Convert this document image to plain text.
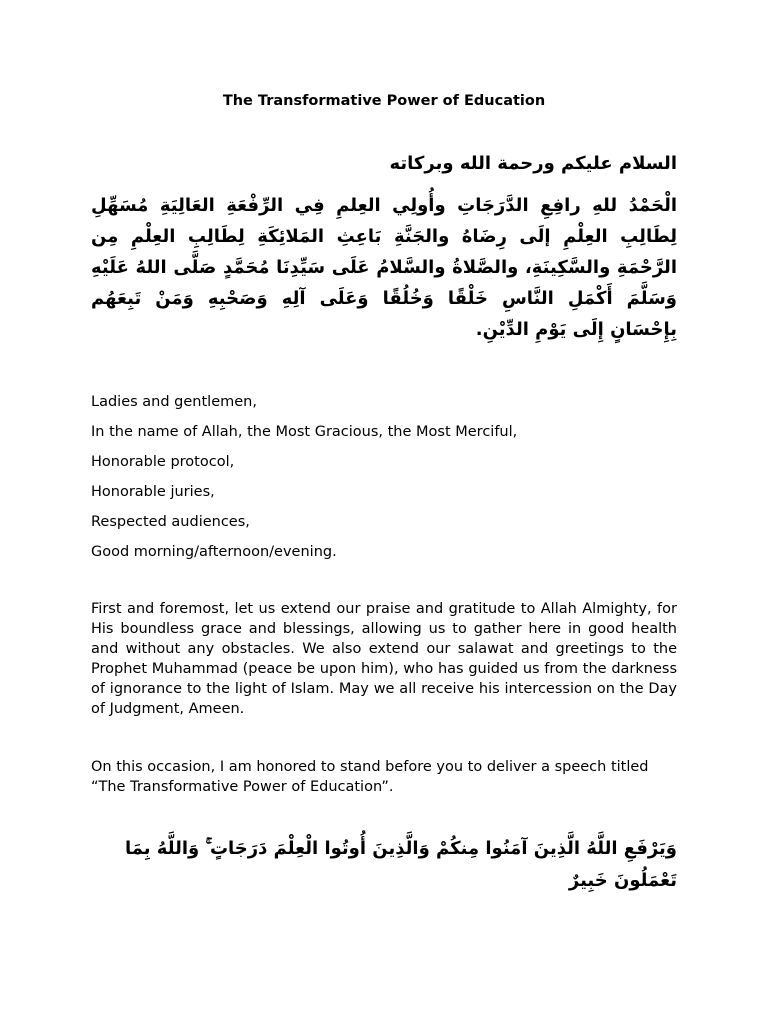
The Transformative Power of Education
السلام عليكم ورحمة الله وبركاته
الْحَمْدُ للهِ رافِعِ الدَّرَجَاتِ وأُولِي العِلمِ فِي الرِّفْعَةِ العَالِيَةِ مُسَهِّلِ لِطَالِبِ العِلْمِ إلَى رِضَاهُ والجَنَّةِ بَاعِثِ المَلائِكَةِ لِطَالِبِ العِلْمِ مِن الرَّحْمَةِ والسَّكِينَةِ، والصَّلاةُ والسَّلامُ عَلَى سَيِّدِنَا مُحَمَّدٍ صَلَّى اللهُ عَلَيْهِ وَسَلَّمَ أَكْمَلِ النَّاسِ خَلْقًا وَخُلُقًا وَعَلَى آلِهِ وَصَحْبِهِ وَمَنْ تَبِعَهُم بِإِحْسَانٍ إِلَى يَوْمِ الدِّيْنِ.
Ladies and gentlemen,
In the name of Allah, the Most Gracious, the Most Merciful,
Honorable protocol,
Honorable juries,
Respected audiences,
Good morning/afternoon/evening.

First and foremost, let us extend our praise and gratitude to Allah Almighty, for His boundless grace and blessings, allowing us to gather here in good health and without any obstacles. We also extend our salawat and greetings to the Prophet Muhammad (peace be upon him), who has guided us from the darkness of ignorance to the light of Islam. May we all receive his intercession on the Day of Judgment, Ameen.

On this occasion, I am honored to stand before you to deliver a speech titled “The Transformative Power of Education”.

وَيَرْفَعِ اللَّهُ الَّذِينَ آمَنُوا مِنكُمْ وَالَّذِينَ أُوتُوا الْعِلْمَ دَرَجَاتٍ ۚ وَاللَّهُ بِمَا تَعْمَلُونَ خَبِيرٌ
